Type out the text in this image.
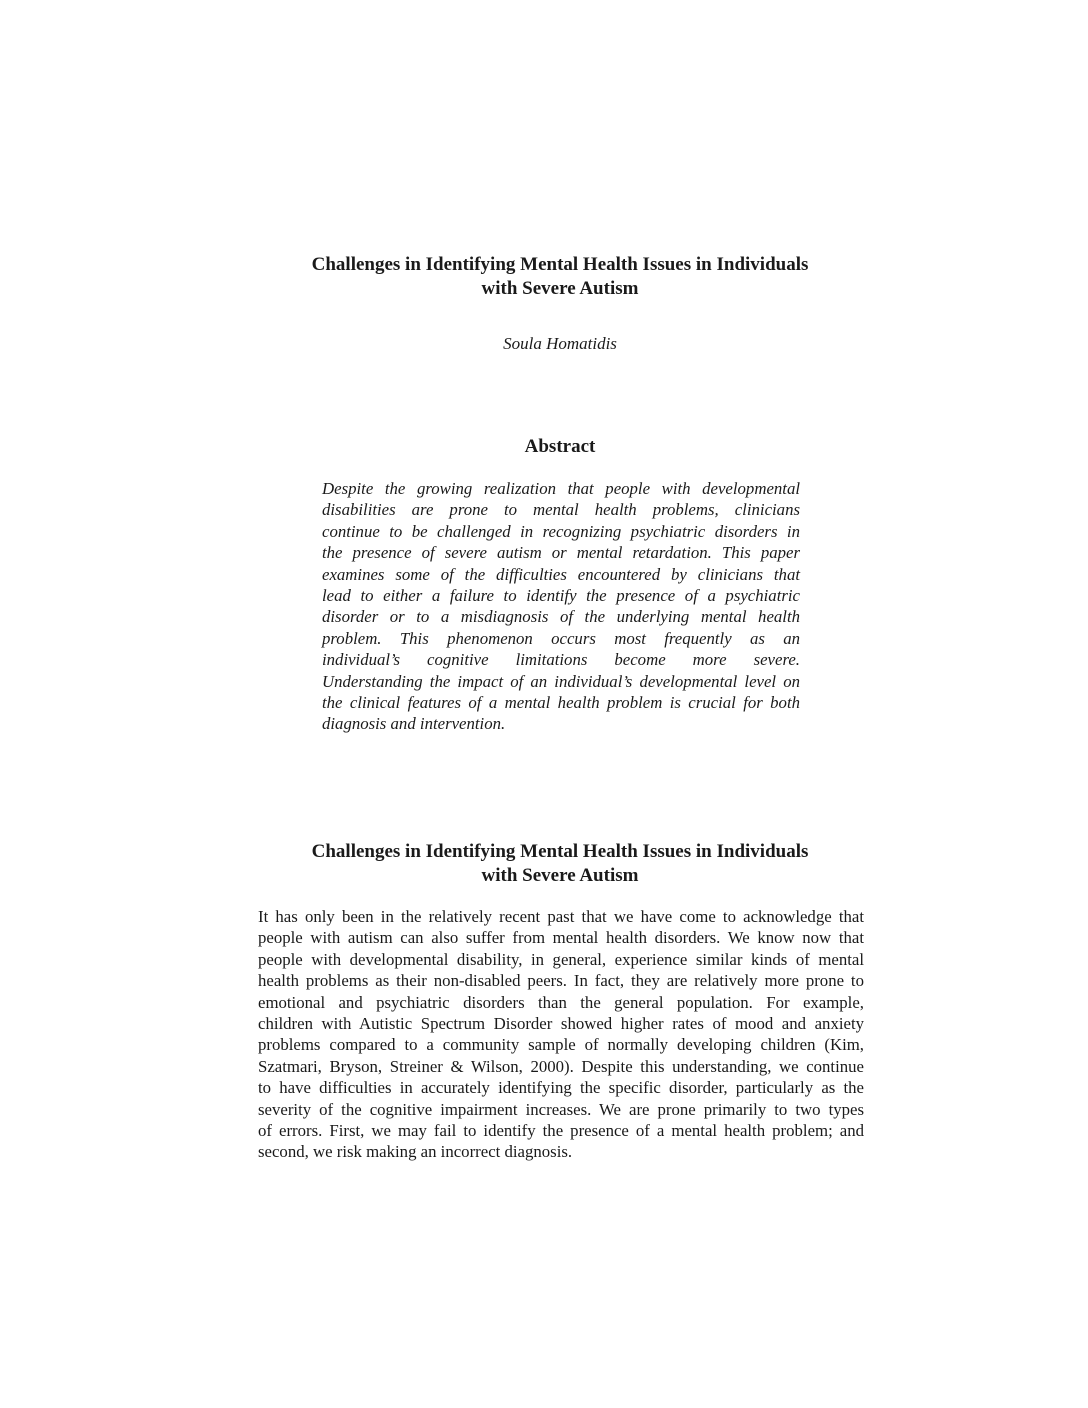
Challenges in Identifying Mental Health Issues in Individuals
with Severe Autism

Soula Homatidis

Abstract

Despite the growing realization that people with developmental
disabilities are prone to mental health problems, clinicians
continue to be challenged in recognizing psychiatric disorders in
the presence of severe autism or mental retardation. This paper
examines some of the difficulties encountered by clinicians that
lead to either a failure to identify the presence of a psychiatric
disorder or to a misdiagnosis of the underlying mental health
problem. This phenomenon occurs most frequently as an
individual’s cognitive limitations become more severe.
Understanding the impact of an individual’s developmental level on
the clinical features of a mental health problem is crucial for both
diagnosis and intervention.

Challenges in Identifying Mental Health Issues in Individuals
with Severe Autism

It has only been in the relatively recent past that we have come to acknowledge that
people with autism can also suffer from mental health disorders. We know now that
people with developmental disability, in general, experience similar kinds of mental
health problems as their non-disabled peers. In fact, they are relatively more prone to
emotional and psychiatric disorders than the general population. For example,
children with Autistic Spectrum Disorder showed higher rates of mood and anxiety
problems compared to a community sample of normally developing children (Kim,
Szatmari, Bryson, Streiner & Wilson, 2000). Despite this understanding, we continue
to have difficulties in accurately identifying the specific disorder, particularly as the
severity of the cognitive impairment increases. We are prone primarily to two types
of errors. First, we may fail to identify the presence of a mental health problem; and
second, we risk making an incorrect diagnosis.
